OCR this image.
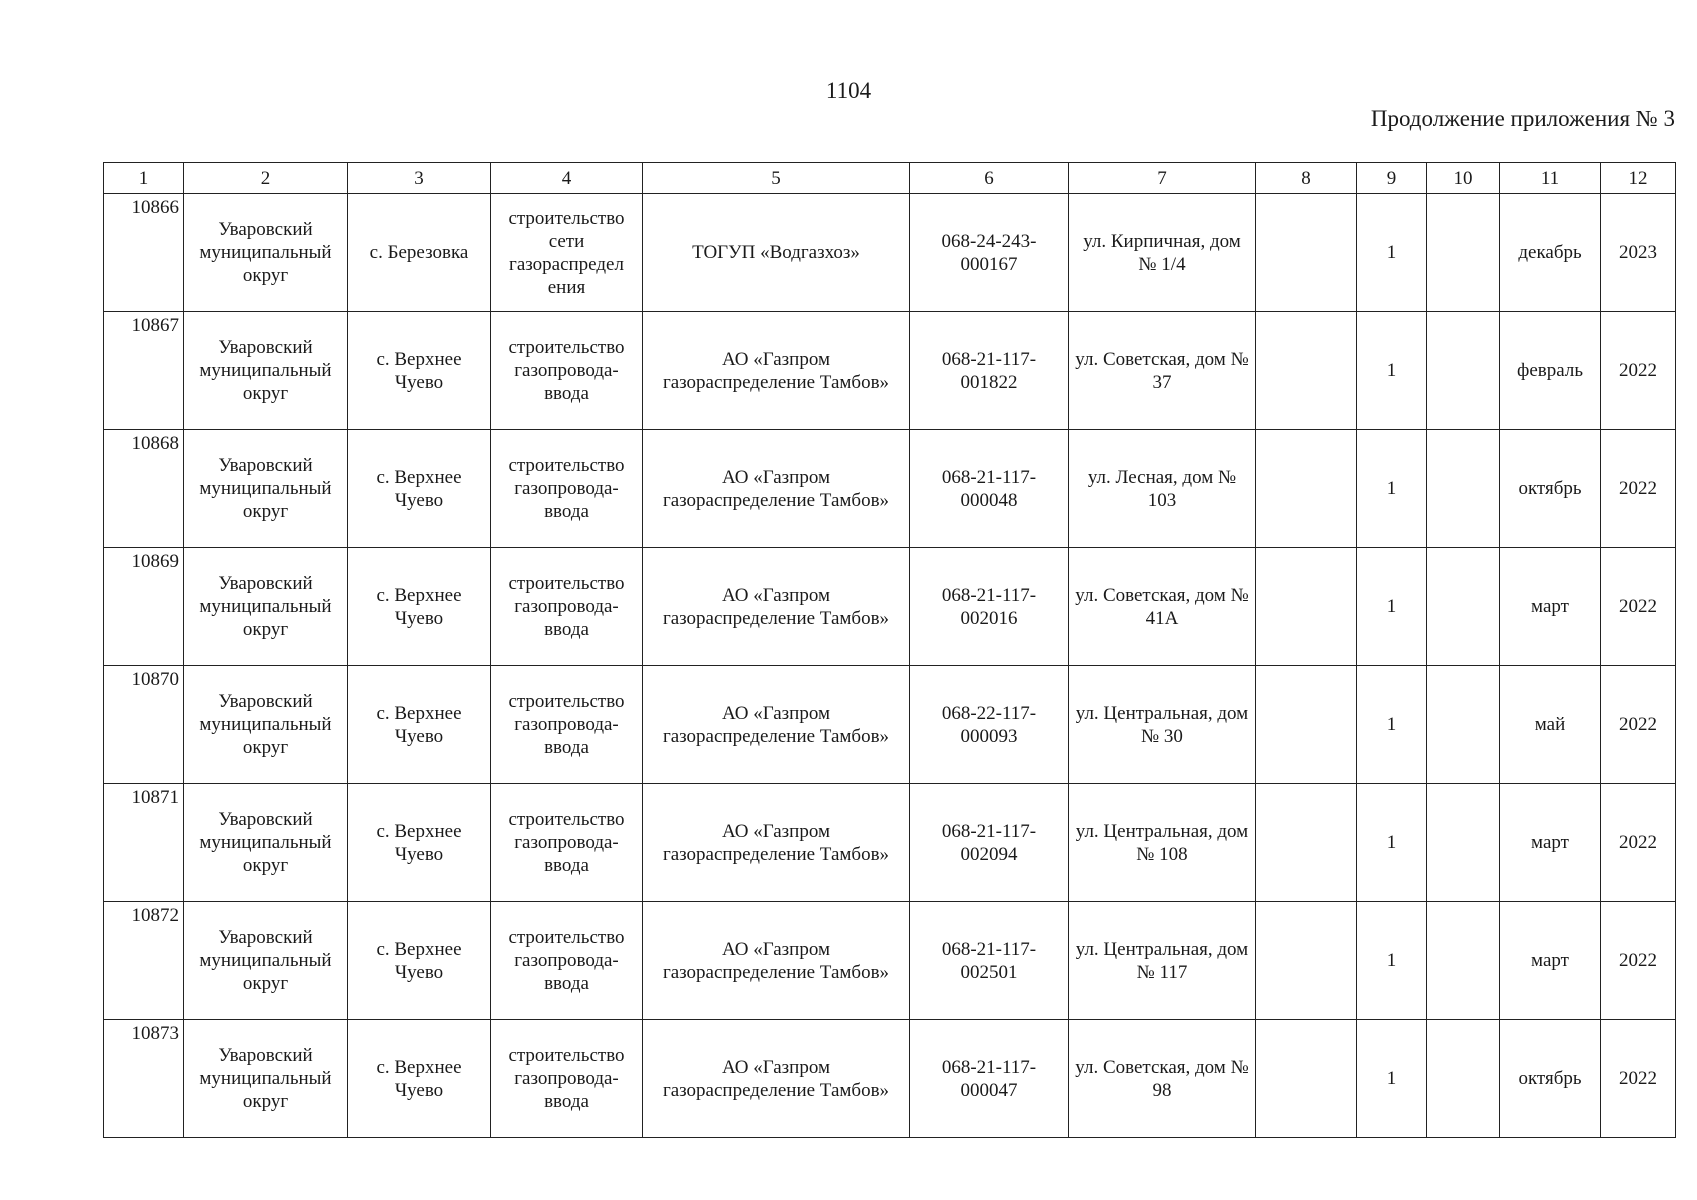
1104
Продолжение приложения № 3
1	2	3	4	5	6	7	8	9	10	11	12

10866	Уваровский муниципальный округ	с. Березовка	строительство сети газораспредел ения	ТОГУП «Водгазхоз»	068-24-243-000167	ул. Кирпичная, дом № 1/4		1		декабрь	2023

10867	Уваровский муниципальный округ	с. Верхнее Чуево	строительство газопровода-ввода	АО «Газпром газораспределение Тамбов»	068-21-117-001822	ул. Советская, дом № 37		1		февраль	2022

10868	Уваровский муниципальный округ	с. Верхнее Чуево	строительство газопровода-ввода	АО «Газпром газораспределение Тамбов»	068-21-117-000048	ул. Лесная, дом № 103		1		октябрь	2022

10869	Уваровский муниципальный округ	с. Верхнее Чуево	строительство газопровода-ввода	АО «Газпром газораспределение Тамбов»	068-21-117-002016	ул. Советская, дом № 41А		1		март	2022

10870	Уваровский муниципальный округ	с. Верхнее Чуево	строительство газопровода-ввода	АО «Газпром газораспределение Тамбов»	068-22-117-000093	ул. Центральная, дом № 30		1		май	2022

10871	Уваровский муниципальный округ	с. Верхнее Чуево	строительство газопровода-ввода	АО «Газпром газораспределение Тамбов»	068-21-117-002094	ул. Центральная, дом № 108		1		март	2022

10872	Уваровский муниципальный округ	с. Верхнее Чуево	строительство газопровода-ввода	АО «Газпром газораспределение Тамбов»	068-21-117-002501	ул. Центральная, дом № 117		1		март	2022

10873	Уваровский муниципальный округ	с. Верхнее Чуево	строительство газопровода-ввода	АО «Газпром газораспределение Тамбов»	068-21-117-000047	ул. Советская, дом № 98		1		октябрь	2022
